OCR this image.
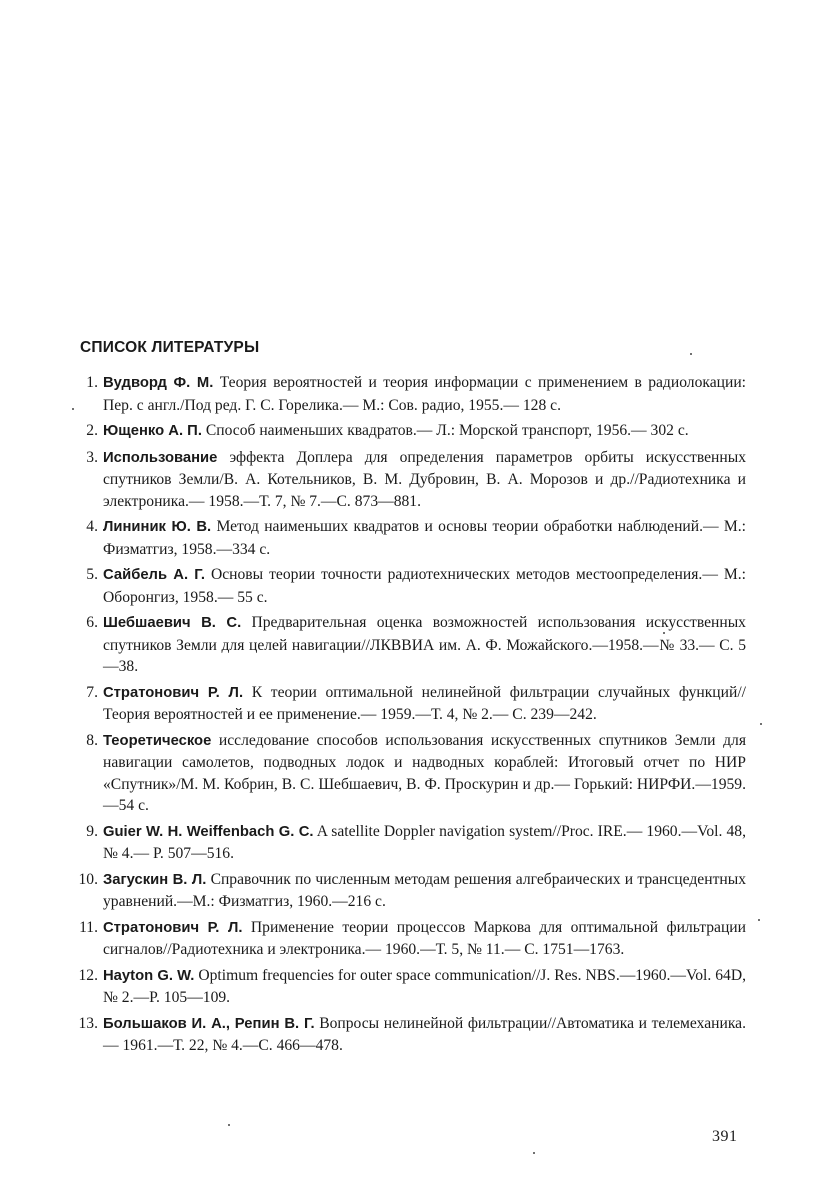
СПИСОК ЛИТЕРАТУРЫ
1. Вудворд Ф. М. Теория вероятностей и теория информации с применением в радиолокации: Пер. с англ./Под ред. Г. С. Горелика.— М.: Сов. радио, 1955.— 128 с.
2. Ющенко А. П. Способ наименьших квадратов.— Л.: Морской транспорт, 1956.— 302 с.
3. Использование эффекта Доплера для определения параметров орбиты искусственных спутников Земли/В. А. Котельников, В. М. Дубровин, В. А. Морозов и др.//Радиотехника и электроника.— 1958.—Т. 7, № 7.—С. 873—881.
4. Лининик Ю. В. Метод наименьших квадратов и основы теории обработки наблюдений.— М.: Физматгиз, 1958.—334 с.
5. Сайбель А. Г. Основы теории точности радиотехнических методов местоопределения.— М.: Оборонгиз, 1958.— 55 с.
6. Шебшаевич В. С. Предварительная оценка возможностей использования искусственных спутников Земли для целей навигации//ЛКВВИА им. А. Ф. Можайского.—1958.—№ 33.— С. 5—38.
7. Стратонович Р. Л. К теории оптимальной нелинейной фильтрации случайных функций//Теория вероятностей и ее применение.— 1959.—Т. 4, № 2.— С. 239—242.
8. Теоретическое исследование способов использования искусственных спутников Земли для навигации самолетов, подводных лодок и надводных кораблей: Итоговый отчет по НИР «Спутник»/М. М. Кобрин, В. С. Шебшаевич, В. Ф. Проскурин и др.— Горький: НИРФИ.—1959.—54 с.
9. Guier W. H. Weiffenbach G. C. A satellite Doppler navigation system//Proc. IRE.— 1960.—Vol. 48, № 4.— P. 507—516.
10. Загускин В. Л. Справочник по численным методам решения алгебраических и трансцедентных уравнений.—М.: Физматгиз, 1960.—216 с.
11. Стратонович Р. Л. Применение теории процессов Маркова для оптимальной фильтрации сигналов//Радиотехника и электроника.— 1960.—Т. 5, № 11.— С. 1751—1763.
12. Hayton G. W. Optimum frequencies for outer space communication//J. Res. NBS.—1960.—Vol. 64D, № 2.—P. 105—109.
13. Большаков И. А., Репин В. Г. Вопросы нелинейной фильтрации//Автоматика и телемеханика.— 1961.—Т. 22, № 4.—С. 466—478.
391
